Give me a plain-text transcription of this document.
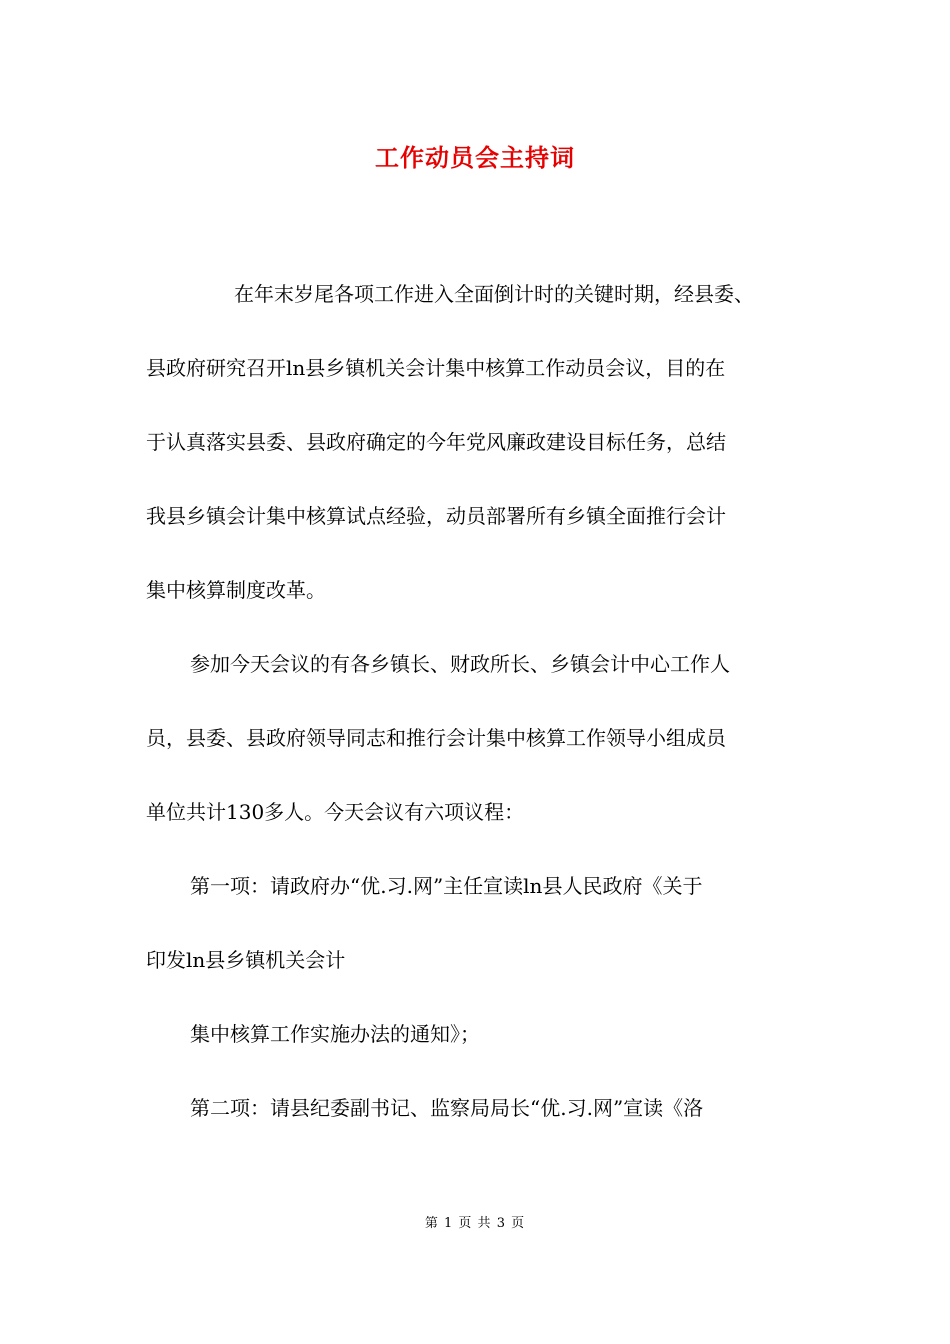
工作动员会主持词
在年末岁尾各项工作进入全面倒计时的关键时期，经县委、
县政府研究召开ln县乡镇机关会计集中核算工作动员会议，目的在
于认真落实县委、县政府确定的今年党风廉政建设目标任务，总结
我县乡镇会计集中核算试点经验，动员部署所有乡镇全面推行会计
集中核算制度改革。
参加今天会议的有各乡镇长、财政所长、乡镇会计中心工作人
员，县委、县政府领导同志和推行会计集中核算工作领导小组成员
单位共计130多人。今天会议有六项议程：
第一项：请政府办“优.习.网”主任宣读ln县人民政府《关于
印发ln县乡镇机关会计
集中核算工作实施办法的通知》；
第二项：请县纪委副书记、监察局局长“优.习.网”宣读《洛
第 1 页 共 3 页
